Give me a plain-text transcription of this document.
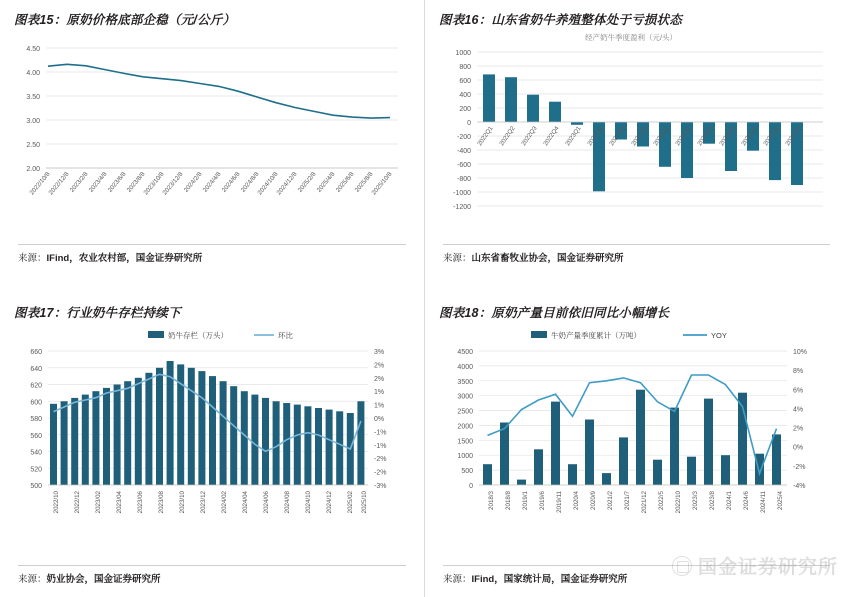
图表15：原奶价格底部企稳（元/公斤）
4.50
4.00
3.50
3.00
2.50
2.00
2022/10/8
2022/12/8
2023/2/8
2023/4/8
2023/6/8
2023/8/8
2023/10/8
2023/12/8
2024/2/8
2024/4/8
2024/6/8
2024/8/8
2024/10/8
2024/12/8
2025/2/8
2025/4/8
2025/6/8
2025/8/8
2025/10/8
来源：IFind，农业农村部，国金证券研究所
图表16：山东省奶牛养殖整体处于亏损状态
经产奶牛季度盈利（元/头）
1000
800
600
400
200
0
-200
-400
-600
-800
-1000
-1200
2022Q1 2022Q2 2022Q3 2022Q4 2023Q1 2023Q2 2023Q3 2023Q4 2024Q1 2024Q2 2024Q3 2024Q4 2025Q1 2025Q2 2025Q3
来源：山东省畜牧业协会，国金证券研究所
图表17：行业奶牛存栏持续下
奶牛存栏（万头）	环比
660
640
620
600
580
560
540
520
500
3%
2%
2%
1%
1%
0%
-1%
-1%
-2%
-2%
-3%
2022/10 2022/12 2023/02 2023/04 2023/06 2023/08 2023/10 2023/12 2024/02 2024/04 2024/06 2024/08 2024/10 2024/12 2025/02 2025/10
来源：奶业协会，国金证券研究所
图表18：原奶产量目前依旧同比小幅增长
牛奶产量季度累计（万吨）	YOY
4500
4000
3500
3000
2500
2000
1500
1000
500
0
10%
8%
6%
4%
2%
0%
-2%
-4%
2018/3 2018/8 2019/1 2019/6 2019/11 2020/4 2020/9 2021/2 2021/7 2021/12 2022/5 2022/10 2023/3 2023/8 2024/1 2024/6 2024/11 2025/4
来源：IFind，国家统计局，国金证券研究所
国金证券研究所
